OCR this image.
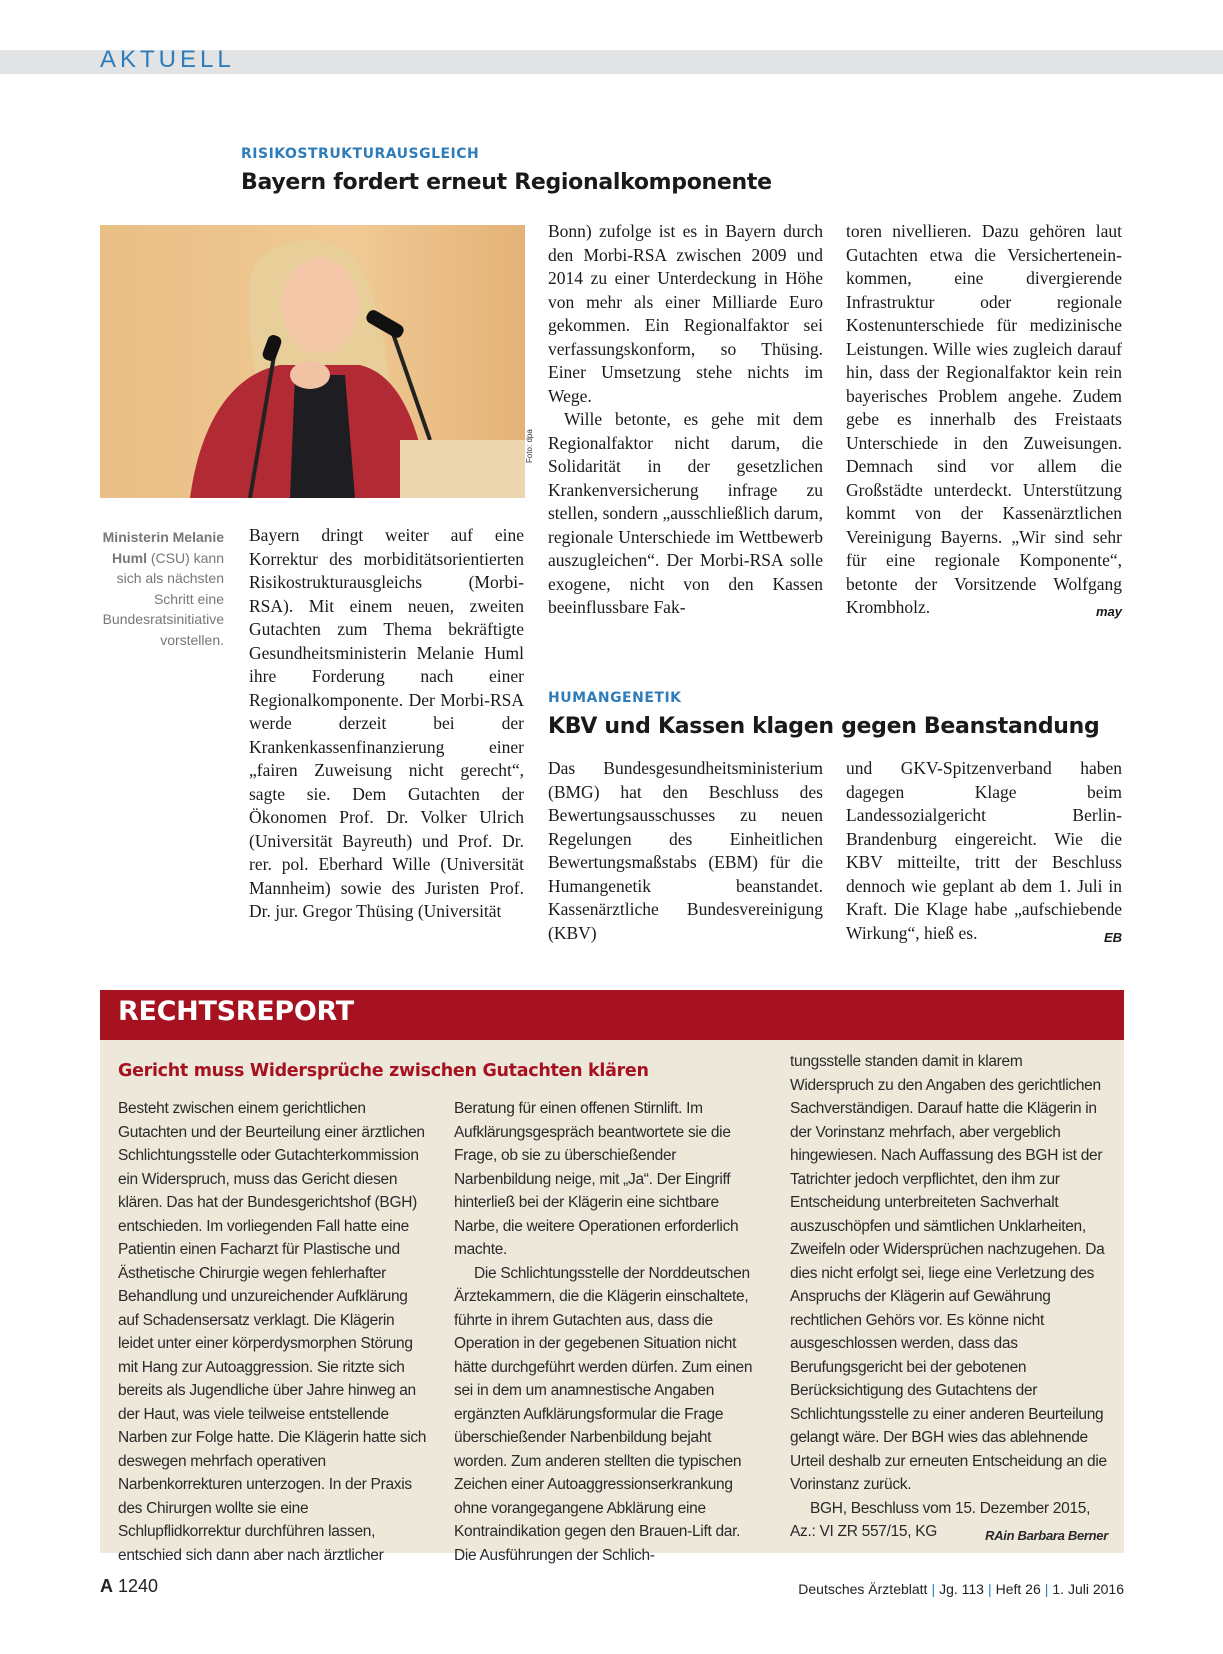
AKTUELL
RISIKOSTRUKTURAUSGLEICH
Bayern fordert erneut Regionalkomponente
Foto: dpa
Ministerin Melanie Huml (CSU) kann sich als nächsten Schritt eine Bundesratsinitiative vorstellen.

Bayern dringt weiter auf eine Korrektur des morbiditätsorientierten Risikostrukturausgleichs (Morbi-RSA). Mit einem neuen, zweiten Gutachten zum Thema bekräftigte Gesundheitsministerin Melanie Huml ihre Forderung nach einer Regionalkomponente. Der Morbi-RSA werde derzeit bei der Krankenkassenfinanzierung einer „fairen Zuweisung nicht gerecht“, sagte sie. Dem Gutachten der Ökonomen Prof. Dr. Volker Ulrich (Universität Bayreuth) und Prof. Dr. rer. pol. Eberhard Wille (Universität Mannheim) sowie des Juristen Prof. Dr. jur. Gregor Thüsing (Universität

Bonn) zufolge ist es in Bayern durch den Morbi-RSA zwischen 2009 und 2014 zu einer Unterdeckung in Höhe von mehr als einer Milliarde Euro gekommen. Ein Regionalfaktor sei verfassungskonform, so Thüsing. Einer Umsetzung stehe nichts im Wege.

Wille betonte, es gehe mit dem Regionalfaktor nicht darum, die Solidarität in der gesetzlichen Krankenversicherung infrage zu stellen, sondern „ausschließlich darum, regionale Unterschiede im Wettbewerb auszugleichen“. Der Morbi-RSA solle exogene, nicht von den Kassen beeinflussbare Fak-

toren nivellieren. Dazu gehören laut Gutachten etwa die Versicherteneinkommen, eine divergierende Infrastruktur oder regionale Kostenunterschiede für medizinische Leistungen. Wille wies zugleich darauf hin, dass der Regionalfaktor kein rein bayerisches Problem angehe. Zudem gebe es innerhalb des Freistaats Unterschiede in den Zuweisungen. Demnach sind vor allem die Großstädte unterdeckt. Unterstützung kommt von der Kassenärztlichen Vereinigung Bayerns. „Wir sind sehr für eine regionale Komponente“, betonte der Vorsitzende Wolfgang Krombholz.	may

HUMANGENETIK
KBV und Kassen klagen gegen Beanstandung

Das Bundesgesundheitsministerium (BMG) hat den Beschluss des Bewertungsausschusses zu neuen Regelungen des Einheitlichen Bewertungsmaßstabs (EBM) für die Humangenetik beanstandet. Kassenärztliche Bundesvereinigung (KBV)

und GKV-Spitzenverband haben dagegen Klage beim Landessozialgericht Berlin-Brandenburg eingereicht. Wie die KBV mitteilte, tritt der Beschluss dennoch wie geplant ab dem 1. Juli in Kraft. Die Klage habe „aufschiebende Wirkung“, hieß es.	EB

RECHTSREPORT
Gericht muss Widersprüche zwischen Gutachten klären

Besteht zwischen einem gerichtlichen Gutachten und der Beurteilung einer ärztlichen Schlichtungsstelle oder Gutachterkommission ein Widerspruch, muss das Gericht diesen klären. Das hat der Bundesgerichtshof (BGH) entschieden. Im vorliegenden Fall hatte eine Patientin einen Facharzt für Plastische und Ästhetische Chirurgie wegen fehlerhafter Behandlung und unzureichender Aufklärung auf Schadensersatz verklagt. Die Klägerin leidet unter einer körperdysmorphen Störung mit Hang zur Autoaggression. Sie ritzte sich bereits als Jugendliche über Jahre hinweg an der Haut, was viele teilweise entstellende Narben zur Folge hatte. Die Klägerin hatte sich deswegen mehrfach operativen Narbenkorrekturen unterzogen. In der Praxis des Chirurgen wollte sie eine Schlupflidkorrektur durchführen lassen, entschied sich dann aber nach ärztlicher

Beratung für einen offenen Stirnlift. Im Aufklärungsgespräch beantwortete sie die Frage, ob sie zu überschießender Narbenbildung neige, mit „Ja“. Der Eingriff hinterließ bei der Klägerin eine sichtbare Narbe, die weitere Operationen erforderlich machte.

Die Schlichtungsstelle der Norddeutschen Ärztekammern, die die Klägerin einschaltete, führte in ihrem Gutachten aus, dass die Operation in der gegebenen Situation nicht hätte durchgeführt werden dürfen. Zum einen sei in dem um anamnestische Angaben ergänzten Aufklärungsformular die Frage überschießender Narbenbildung bejaht worden. Zum anderen stellten die typischen Zeichen einer Autoaggressionserkrankung ohne vorangegangene Abklärung eine Kontraindikation gegen den Brauen-Lift dar. Die Ausführungen der Schlich-

tungsstelle standen damit in klarem Widerspruch zu den Angaben des gerichtlichen Sachverständigen. Darauf hatte die Klägerin in der Vorinstanz mehrfach, aber vergeblich hingewiesen. Nach Auffassung des BGH ist der Tatrichter jedoch verpflichtet, den ihm zur Entscheidung unterbreiteten Sachverhalt auszuschöpfen und sämtlichen Unklarheiten, Zweifeln oder Widersprüchen nachzugehen. Da dies nicht erfolgt sei, liege eine Verletzung des Anspruchs der Klägerin auf Gewährung rechtlichen Gehörs vor. Es könne nicht ausgeschlossen werden, dass das Berufungsgericht bei der gebotenen Berücksichtigung des Gutachtens der Schlichtungsstelle zu einer anderen Beurteilung gelangt wäre. Der BGH wies das ablehnende Urteil deshalb zur erneuten Entscheidung an die Vorinstanz zurück.

BGH, Beschluss vom 15. Dezember 2015, Az.: VI ZR 557/15, KG	RAin Barbara Berner

A 1240	Deutsches Ärzteblatt | Jg. 113 | Heft 26 | 1. Juli 2016
